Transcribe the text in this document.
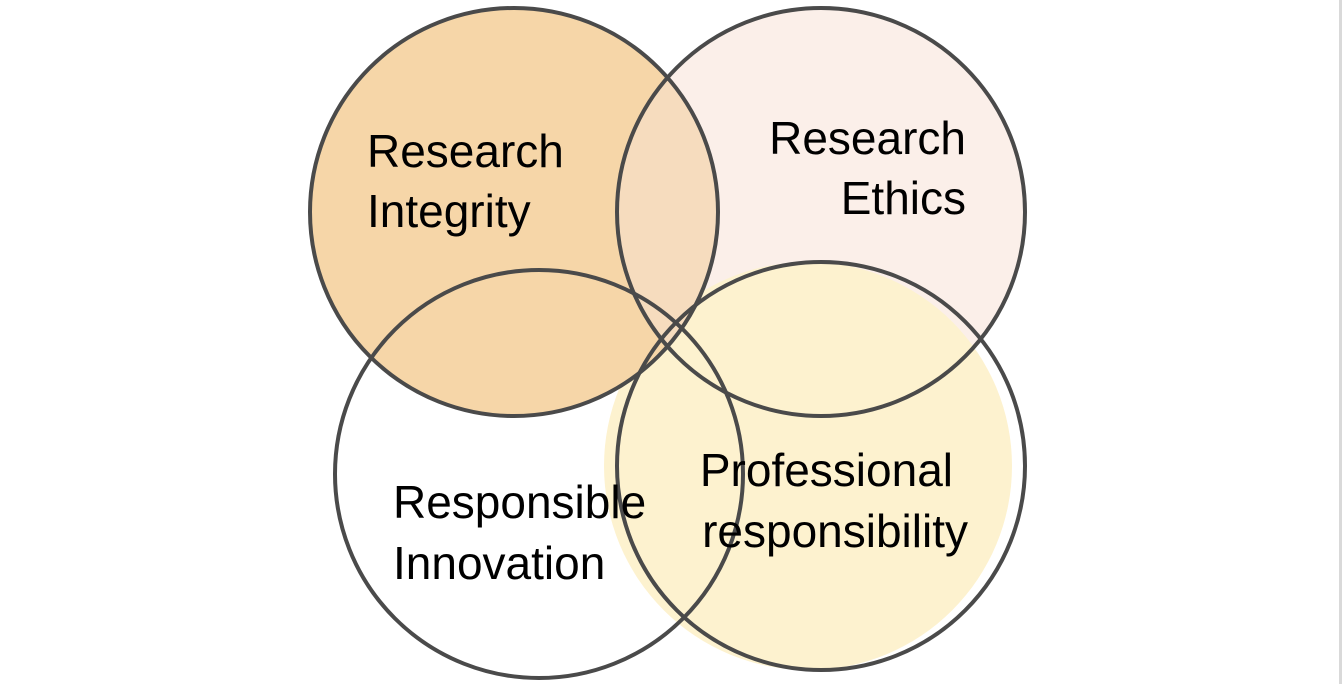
Research
Integrity
Research
Ethics
Responsible
Innovation
Professional
responsibility
